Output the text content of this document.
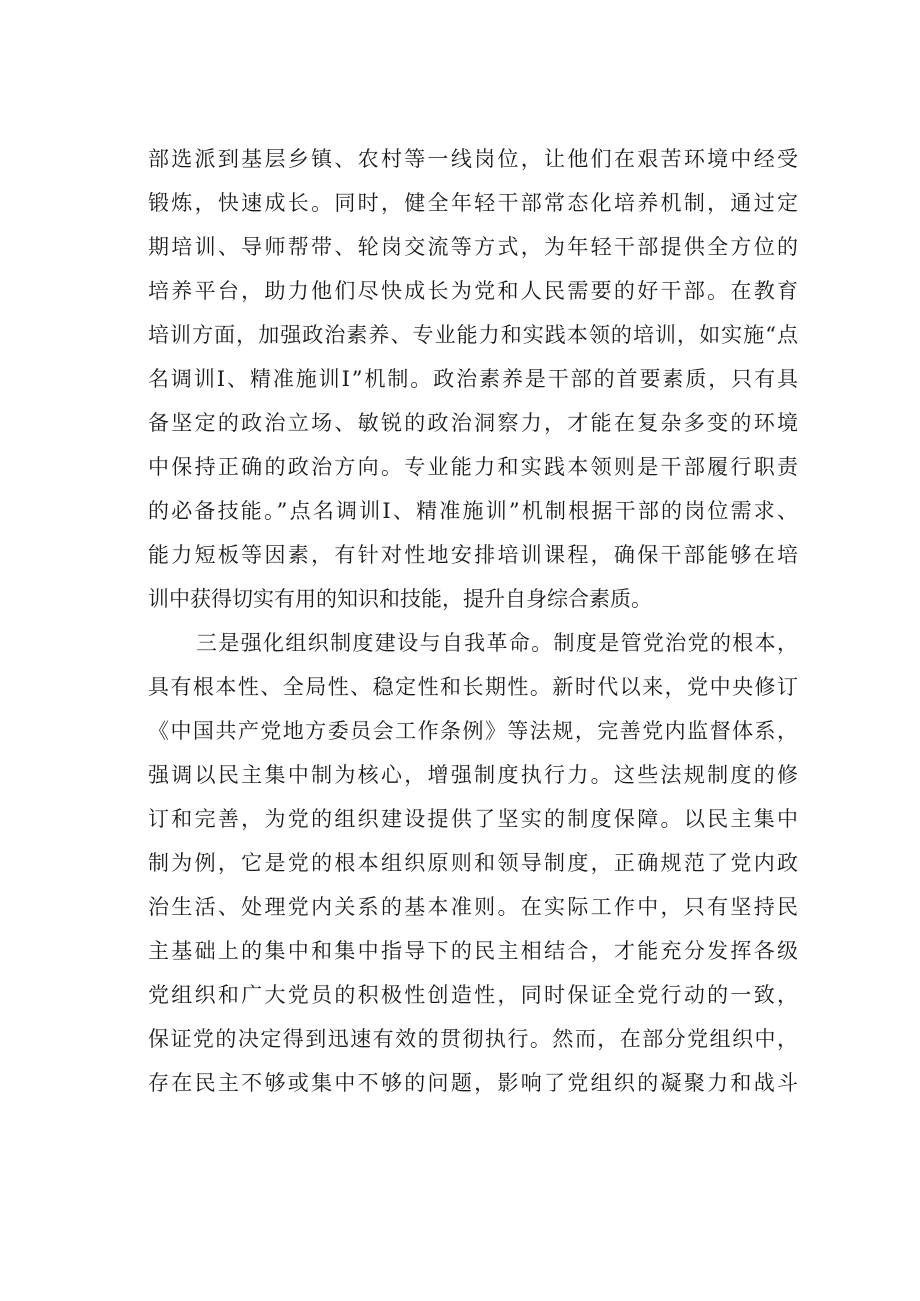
部选派到基层乡镇、农村等一线岗位，让他们在艰苦环境中经受
锻炼，快速成长。同时，健全年轻干部常态化培养机制，通过定
期培训、导师帮带、轮岗交流等方式，为年轻干部提供全方位的
培养平台，助力他们尽快成长为党和人民需要的好干部。在教育
培训方面，加强政治素养、专业能力和实践本领的培训，如实施“点
名调训Ⅰ、精准施训Ⅰ”机制。政治素养是干部的首要素质，只有具
备坚定的政治立场、敏锐的政治洞察力，才能在复杂多变的环境
中保持正确的政治方向。专业能力和实践本领则是干部履行职责
的必备技能。”点名调训Ⅰ、精准施训”机制根据干部的岗位需求、
能力短板等因素，有针对性地安排培训课程，确保干部能够在培
训中获得切实有用的知识和技能，提升自身综合素质。
三是强化组织制度建设与自我革命。制度是管党治党的根本，
具有根本性、全局性、稳定性和长期性。新时代以来，党中央修订
《中国共产党地方委员会工作条例》等法规，完善党内监督体系，
强调以民主集中制为核心，增强制度执行力。这些法规制度的修
订和完善，为党的组织建设提供了坚实的制度保障。以民主集中
制为例，它是党的根本组织原则和领导制度，正确规范了党内政
治生活、处理党内关系的基本准则。在实际工作中，只有坚持民
主基础上的集中和集中指导下的民主相结合，才能充分发挥各级
党组织和广大党员的积极性创造性，同时保证全党行动的一致，
保证党的决定得到迅速有效的贯彻执行。然而，在部分党组织中，
存在民主不够或集中不够的问题，影响了党组织的凝聚力和战斗
